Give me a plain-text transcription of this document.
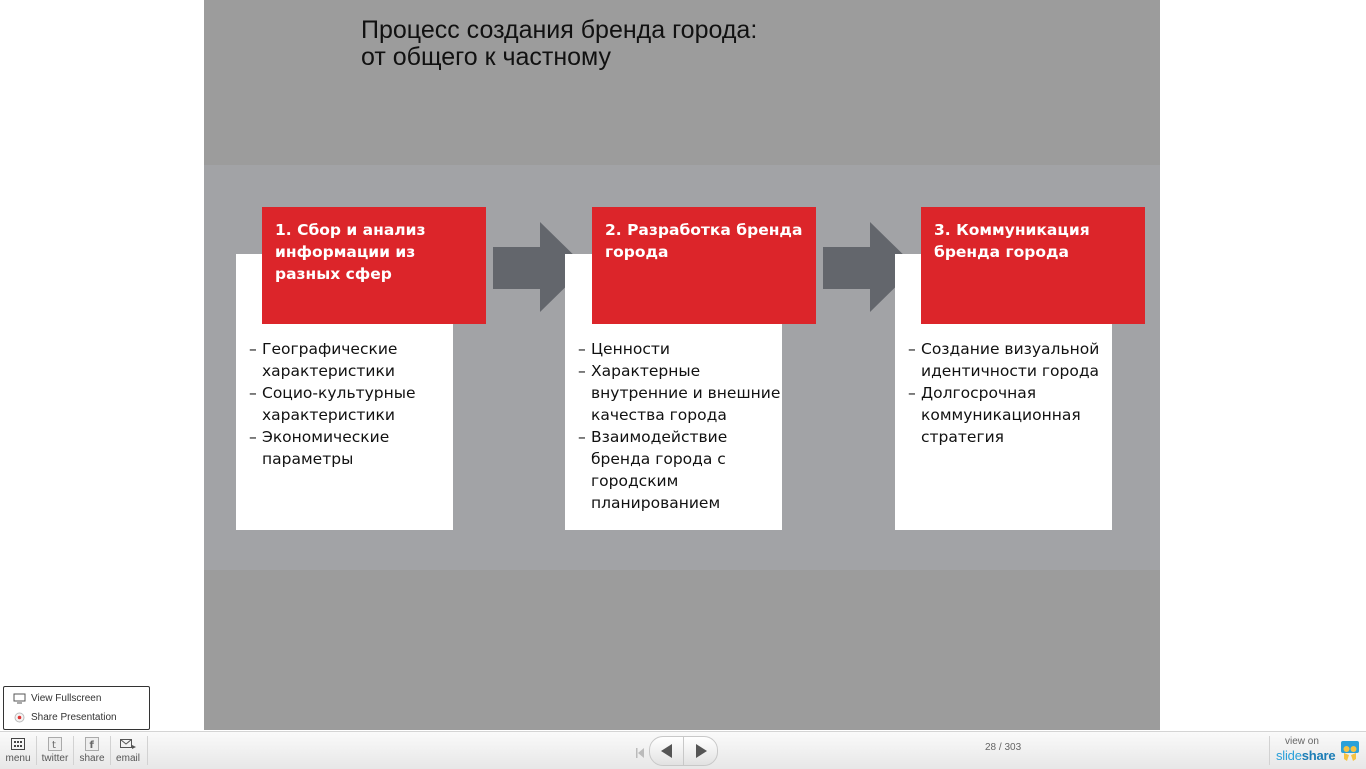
Процесс создания бренда города:
от общего к частному
1. Сбор и анализ
информации из
разных сфер
– Географические
характеристики
– Социо-культурные
характеристики
– Экономические
параметры
2. Разработка бренда
города
– Ценности
– Характерные
внутренние и внешние
качества города
– Взаимодействие
бренда города с
городским
планированием
3. Коммуникация
бренда города
– Создание визуальной
идентичности города
– Долгосрочная
коммуникационная
стратегия
View Fullscreen
Share Presentation
menu
t
twitter
f
share email
28 / 303
view on
slideshare
